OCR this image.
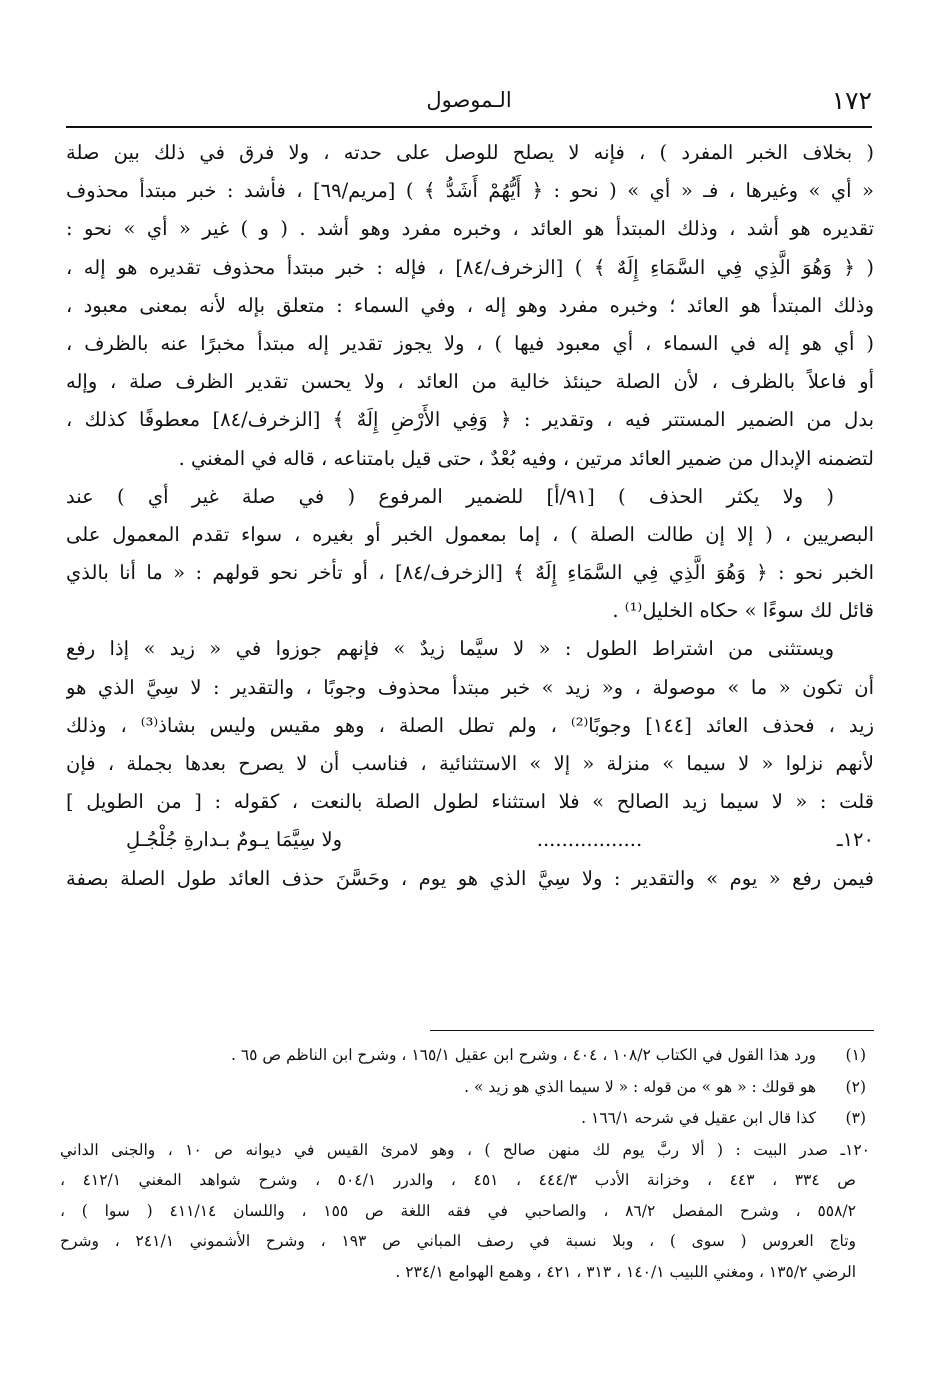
١٧٢
الـموصول
( بخلاف الخبر المفرد ) ، فإنه لا يصلح للوصل على حدته ، ولا فرق في ذلك بين صلة
« أي » وغيرها ، فـ « أي » ( نحو : ﴿ أَيُّهُمْ أَشَدُّ ﴾ ) [مريم/٦٩] ، فأشد : خبر مبتدأ محذوف
تقديره هو أشد ، وذلك المبتدأ هو العائد ، وخبره مفرد وهو أشد . ( و ) غير « أي » نحو :
( ﴿ وَهُوَ الَّذِي فِي السَّمَاءِ إِلَهٌ ﴾ ) [الزخرف/٨٤] ، فإله : خبر مبتدأ محذوف تقديره هو إله ،
وذلك المبتدأ هو العائد ؛ وخبره مفرد وهو إله ، وفي السماء : متعلق بإله لأنه بمعنى معبود ،
( أي هو إله في السماء ، أي معبود فيها ) ، ولا يجوز تقدير إله مبتدأ مخبرًا عنه بالظرف ،
أو فاعلاً بالظرف ، لأن الصلة حينئذ خالية من العائد ، ولا يحسن تقدير الظرف صلة ، وإله
بدل من الضمير المستتر فيه ، وتقدير : ﴿ وَفِي الأَرْضِ إِلَهٌ ﴾ [الزخرف/٨٤] معطوفًا كذلك ،
لتضمنه الإبدال من ضمير العائد مرتين ، وفيه بُعْدٌ ، حتى قيل بامتناعه ، قاله في المغني .
( ولا يكثر الحذف ) [٩١/أ] للضمير المرفوع ( في صلة غير أي ) عند
البصريين ، ( إلا إن طالت الصلة ) ، إما بمعمول الخبر أو بغيره ، سواء تقدم المعمول على
الخبر نحو : ﴿ وَهُوَ الَّذِي فِي السَّمَاءِ إِلَهٌ ﴾ [الزخرف/٨٤] ، أو تأخر نحو قولهم : « ما أنا بالذي
قائل لك سوءًا » حكاه الخليل⁽¹⁾ .
ويستثنى من اشتراط الطول : « لا سيَّما زيدٌ » فإنهم جوزوا في « زيد » إذا رفع
أن تكون « ما » موصولة ، و« زيد » خبر مبتدأ محذوف وجوبًا ، والتقدير : لا سِيَّ الذي هو
زيد ، فحذف العائد [١٤٤] وجوبًا⁽²⁾ ، ولم تطل الصلة ، وهو مقيس وليس بشاذ⁽³⁾ ، وذلك
لأنهم نزلوا « لا سيما » منزلة « إلا » الاستثنائية ، فناسب أن لا يصرح بعدها بجملة ، فإن
قلت : « لا سيما زيد الصالح » فلا استثناء لطول الصلة بالنعت ، كقوله : [ من الطويل ]
١٢٠ـ
.................
ولا سِيَّمَا يـومٌ بـدارةِ جُلْجُـلِ
فيمن رفع « يوم » والتقدير : ولا سِيَّ الذي هو يوم ، وحَسَّنَ حذف العائد طول الصلة بصفة
(١)
ورد هذا القول في الكتاب ١٠٨/٢ ، ٤٠٤ ، وشرح ابن عقيل ١٦٥/١ ، وشرح ابن الناظم ص ٦٥ .
(٢)
هو قولك : « هو » من قوله : « لا سيما الذي هو زيد » .
(٣)
كذا قال ابن عقيل في شرحه ١٦٦/١ .
١٢٠ـ صدر البيت : ( ألا ربَّ يوم لك منهن صالح ) ، وهو لامرئ القيس في ديوانه ص ١٠ ، والجنى الداني
ص ٣٣٤ ، ٤٤٣ ، وخزانة الأدب ٤٤٤/٣ ، ٤٥١ ، والدرر ٥٠٤/١ ، وشرح شواهد المغني ٤١٢/١ ،
٥٥٨/٢ ، وشرح المفصل ٨٦/٢ ، والصاحبي في فقه اللغة ص ١٥٥ ، واللسان ٤١١/١٤ ( سوا ) ،
وتاج العروس ( سوى ) ، وبلا نسبة في رصف المباني ص ١٩٣ ، وشرح الأشموني ٢٤١/١ ، وشرح
الرضي ١٣٥/٢ ، ومغني اللبيب ١٤٠/١ ، ٣١٣ ، ٤٢١ ، وهمع الهوامع ٢٣٤/١ .
